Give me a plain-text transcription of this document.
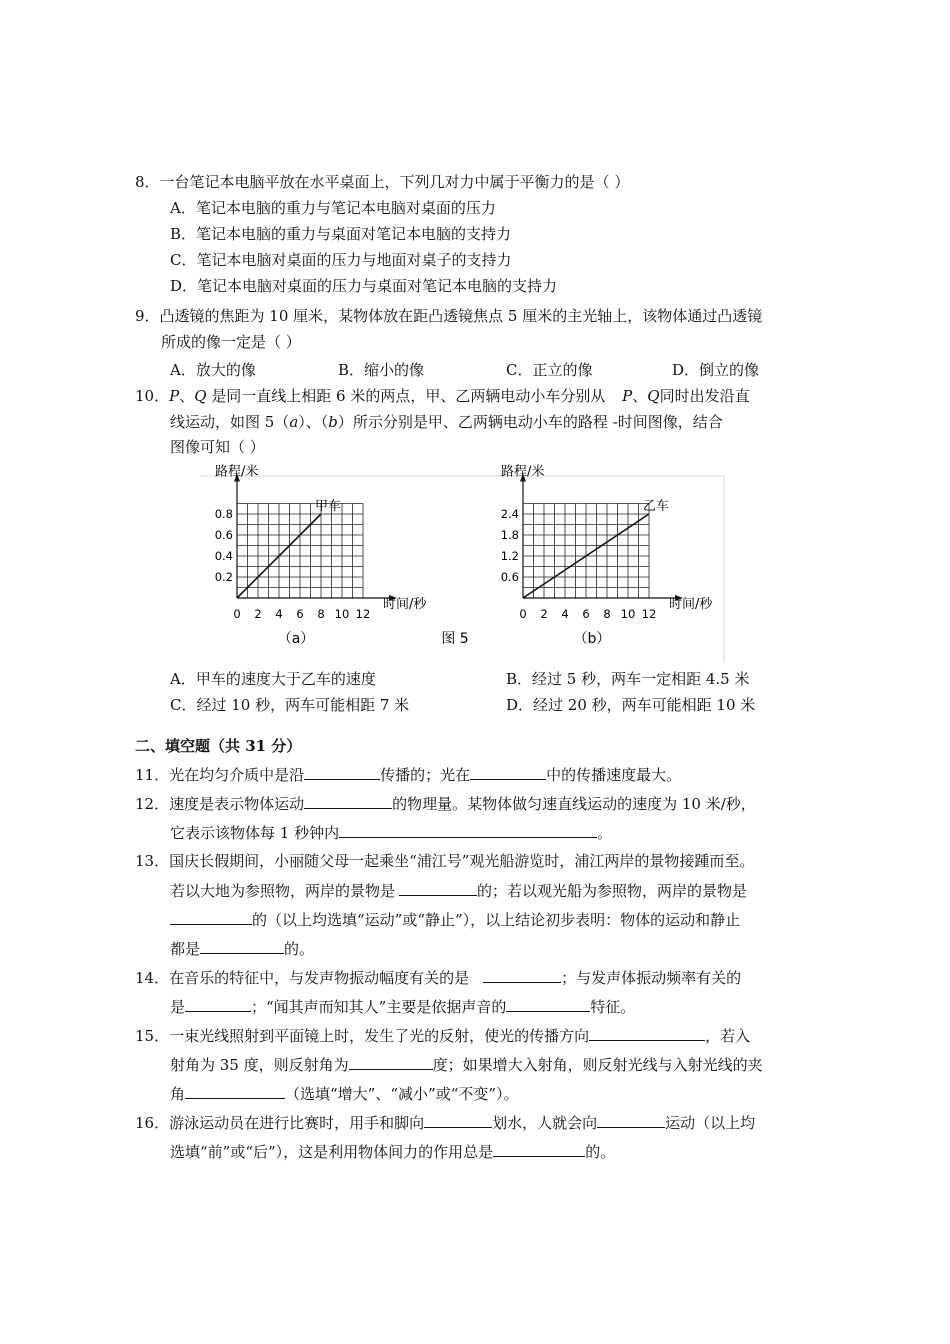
8．一台笔记本电脑平放在水平桌面上，下列几对力中属于平衡力的是（ ）
A．笔记本电脑的重力与笔记本电脑对桌面的压力
B．笔记本电脑的重力与桌面对笔记本电脑的支持力
C．笔记本电脑对桌面的压力与地面对桌子的支持力
D．笔记本电脑对桌面的压力与桌面对笔记本电脑的支持力
9．凸透镜的焦距为 10 厘米，某物体放在距凸透镜焦点 5 厘米的主光轴上，该物体通过凸透镜
所成的像一定是（ ）
A．放大的像	B．缩小的像	C．正立的像	D．倒立的像
10．P、Q 是同一直线上相距 6 米的两点，甲、乙两辆电动小车分别从 P、Q同时出发沿直
线运动，如图 5（a）、（b）所示分别是甲、乙两辆电动小车的路程 -时间图像，结合
图像可知（ ）
路程/米
时间/秒
0 2 4 6 8 10 12
0.2
0.4
0.6
0.8	甲车
路程/米
时间/秒
0 2 4 6 8 10 12
0.6
1.2
1.8
2.4	乙车
（a）	图 5	（b）
A．甲车的速度大于乙车的速度	B．经过 5 秒，两车一定相距 4.5 米
C．经过 10 秒，两车可能相距 7 米	D．经过 20 秒，两车可能相距 10 米
二、填空题（共 31 分）
11．光在均匀介质中是沿	传播的；光在	中的传播速度最大。
12．速度是表示物体运动	的物理量。某物体做匀速直线运动的速度为 10 米/秒，
它表示该物体每 1 秒钟内	。
13．国庆长假期间，小丽随父母一起乘坐“浦江号”观光船游览时，浦江两岸的景物接踵而至。
若以大地为参照物，两岸的景物是	的；若以观光船为参照物，两岸的景物是
的（以上均选填“运动”或“静止”），以上结论初步表明：物体的运动和静止
都是	的。
14．在音乐的特征中，与发声物振动幅度有关的是	；与发声体振动频率有关的
是	；“闻其声而知其人”主要是依据声音的	特征。
15．一束光线照射到平面镜上时，发生了光的反射，使光的传播方向	，若入
射角为 35 度，则反射角为	度；如果增大入射角，则反射光线与入射光线的夹
角	（选填“增大”、“减小”或“不变”）。
16．游泳运动员在进行比赛时，用手和脚向	划水，人就会向	运动（以上均
选填“前”或“后”），这是利用物体间力的作用总是	的。
